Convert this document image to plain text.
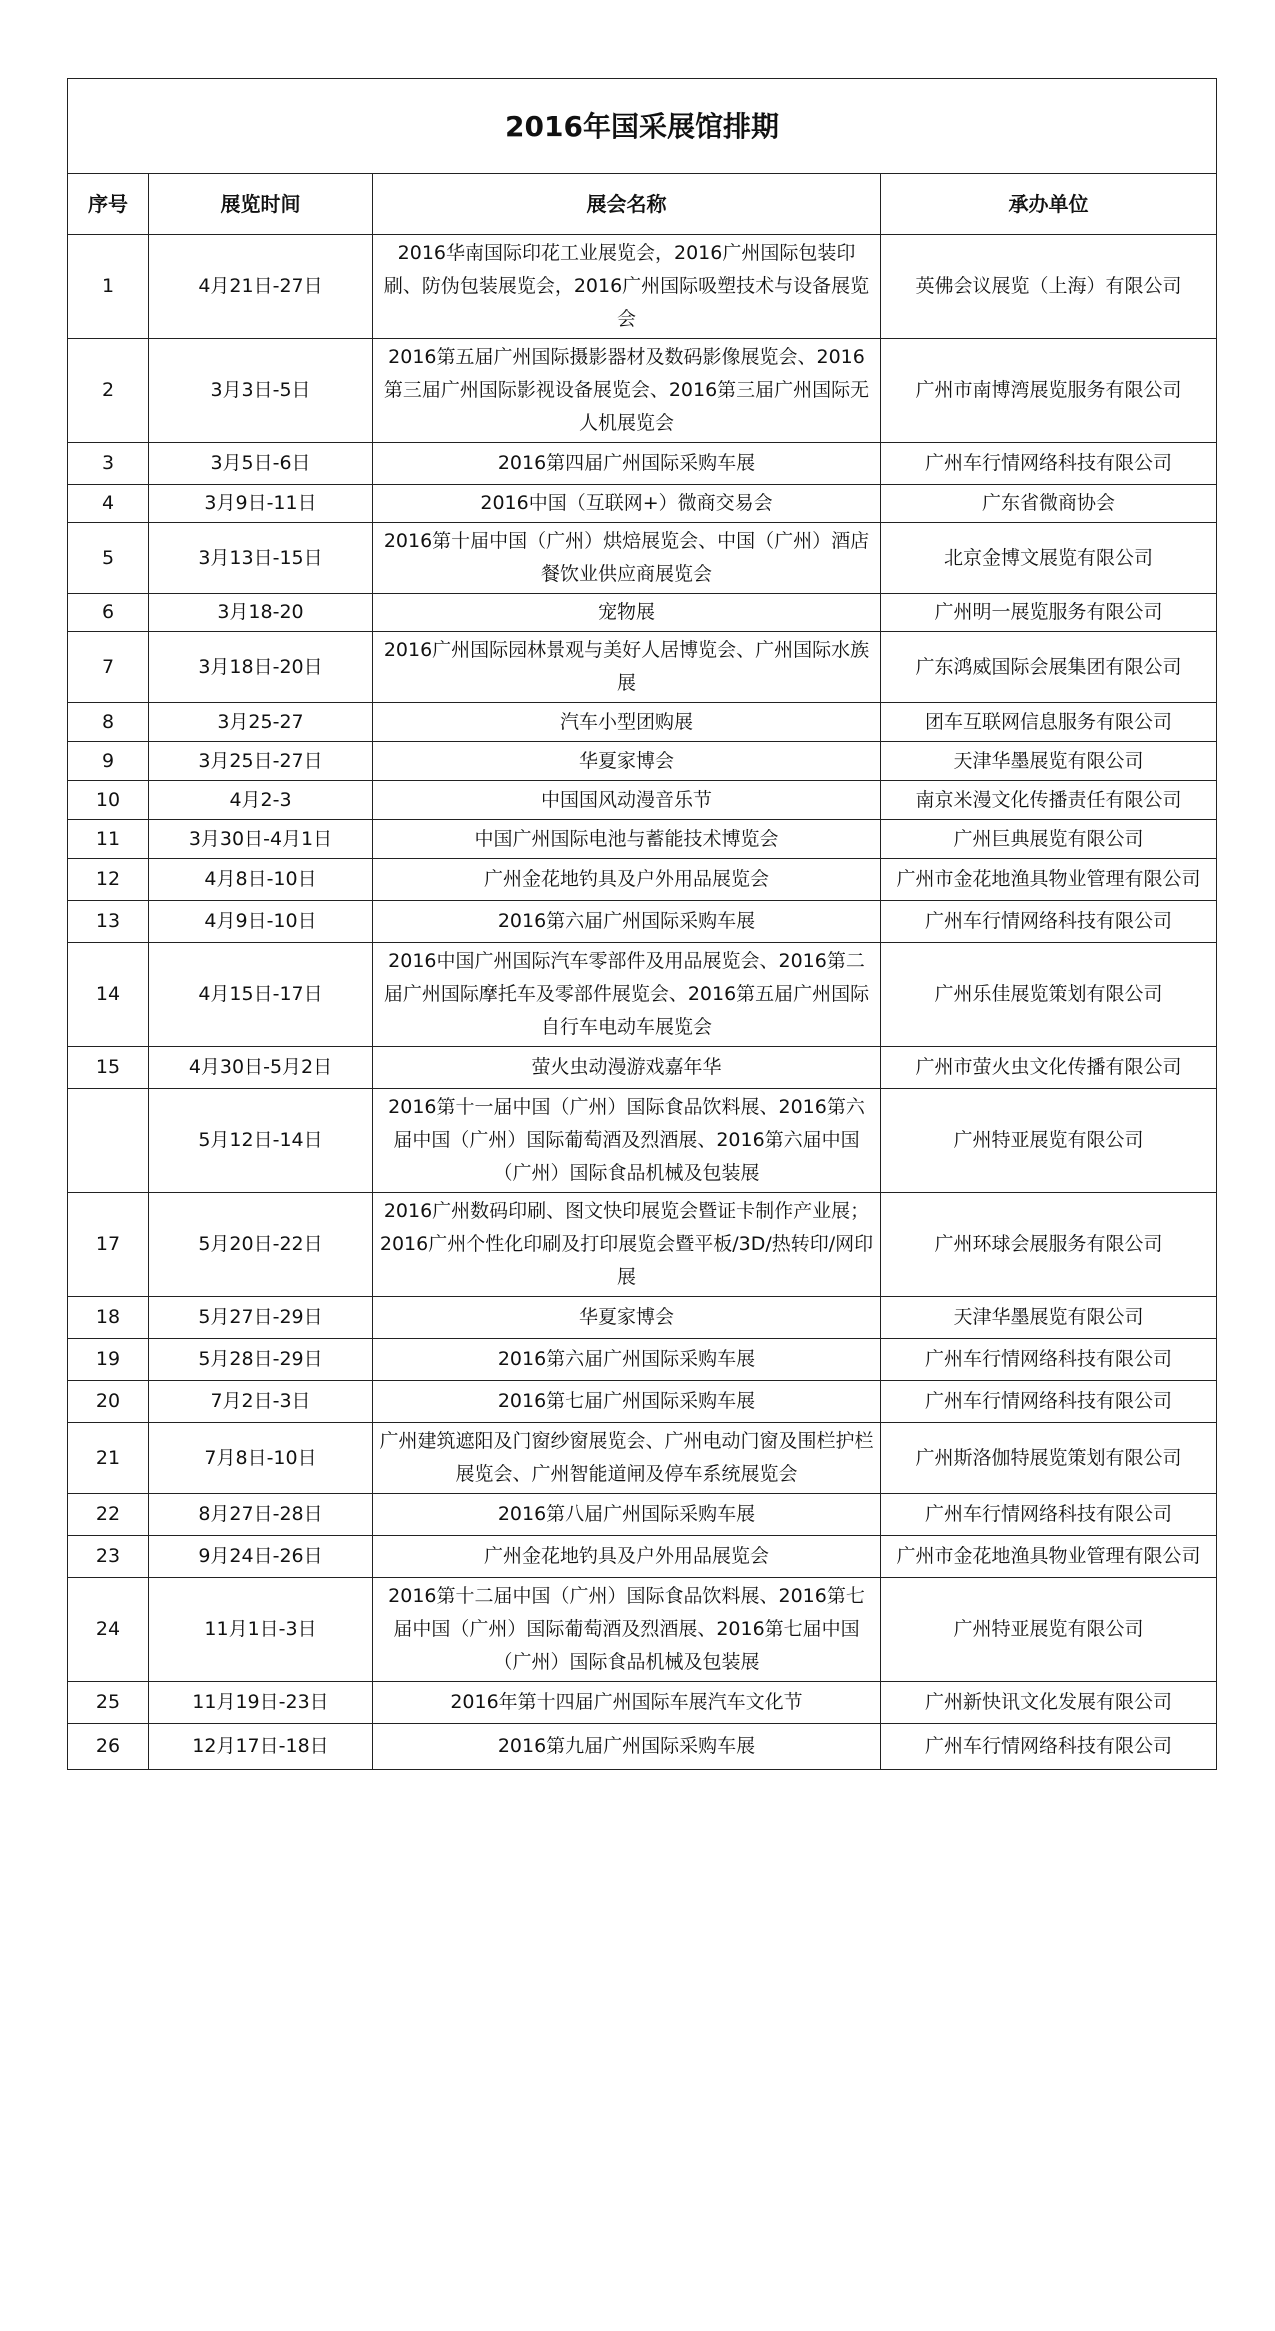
2016年国采展馆排期			
序号	展览时间	展会名称	承办单位
1	4月21日-27日	2016华南国际印花工业展览会，2016广州国际包装印刷、防伪包装展览会，2016广州国际吸塑技术与设备展览会	英佛会议展览（上海）有限公司
2	3月3日-5日	2016第五届广州国际摄影器材及数码影像展览会、2016第三届广州国际影视设备展览会、2016第三届广州国际无人机展览会	广州市南博湾展览服务有限公司
3	3月5日-6日	2016第四届广州国际采购车展	广州车行情网络科技有限公司
4	3月9日-11日	2016中国（互联网+）微商交易会	广东省微商协会
5	3月13日-15日	2016第十届中国（广州）烘焙展览会、中国（广州）酒店餐饮业供应商展览会	北京金博文展览有限公司
6	3月18-20	宠物展	广州明一展览服务有限公司
7	3月18日-20日	2016广州国际园林景观与美好人居博览会、广州国际水族展	广东鸿威国际会展集团有限公司
8	3月25-27	汽车小型团购展	团车互联网信息服务有限公司
9	3月25日-27日	华夏家博会	天津华墨展览有限公司
10	4月2-3	中国国风动漫音乐节	南京米漫文化传播责任有限公司
11	3月30日-4月1日	中国广州国际电池与蓄能技术博览会	广州巨典展览有限公司
12	4月8日-10日	广州金花地钓具及户外用品展览会	广州市金花地渔具物业管理有限公司
13	4月9日-10日	2016第六届广州国际采购车展	广州车行情网络科技有限公司
14	4月15日-17日	2016中国广州国际汽车零部件及用品展览会、2016第二届广州国际摩托车及零部件展览会、2016第五届广州国际自行车电动车展览会	广州乐佳展览策划有限公司
15	4月30日-5月2日	萤火虫动漫游戏嘉年华	广州市萤火虫文化传播有限公司
	5月12日-14日	2016第十一届中国（广州）国际食品饮料展、2016第六届中国（广州）国际葡萄酒及烈酒展、2016第六届中国（广州）国际食品机械及包装展	广州特亚展览有限公司
17	5月20日-22日	2016广州数码印刷、图文快印展览会暨证卡制作产业展；2016广州个性化印刷及打印展览会暨平板/3D/热转印/网印展	广州环球会展服务有限公司
18	5月27日-29日	华夏家博会	天津华墨展览有限公司
19	5月28日-29日	2016第六届广州国际采购车展	广州车行情网络科技有限公司
20	7月2日-3日	2016第七届广州国际采购车展	广州车行情网络科技有限公司
21	7月8日-10日	广州建筑遮阳及门窗纱窗展览会、广州电动门窗及围栏护栏展览会、广州智能道闸及停车系统展览会	广州斯洛伽特展览策划有限公司
22	8月27日-28日	2016第八届广州国际采购车展	广州车行情网络科技有限公司
23	9月24日-26日	广州金花地钓具及户外用品展览会	广州市金花地渔具物业管理有限公司
24	11月1日-3日	2016第十二届中国（广州）国际食品饮料展、2016第七届中国（广州）国际葡萄酒及烈酒展、2016第七届中国（广州）国际食品机械及包装展	广州特亚展览有限公司
25	11月19日-23日	2016年第十四届广州国际车展汽车文化节	广州新快讯文化发展有限公司
26	12月17日-18日	2016第九届广州国际采购车展	广州车行情网络科技有限公司
